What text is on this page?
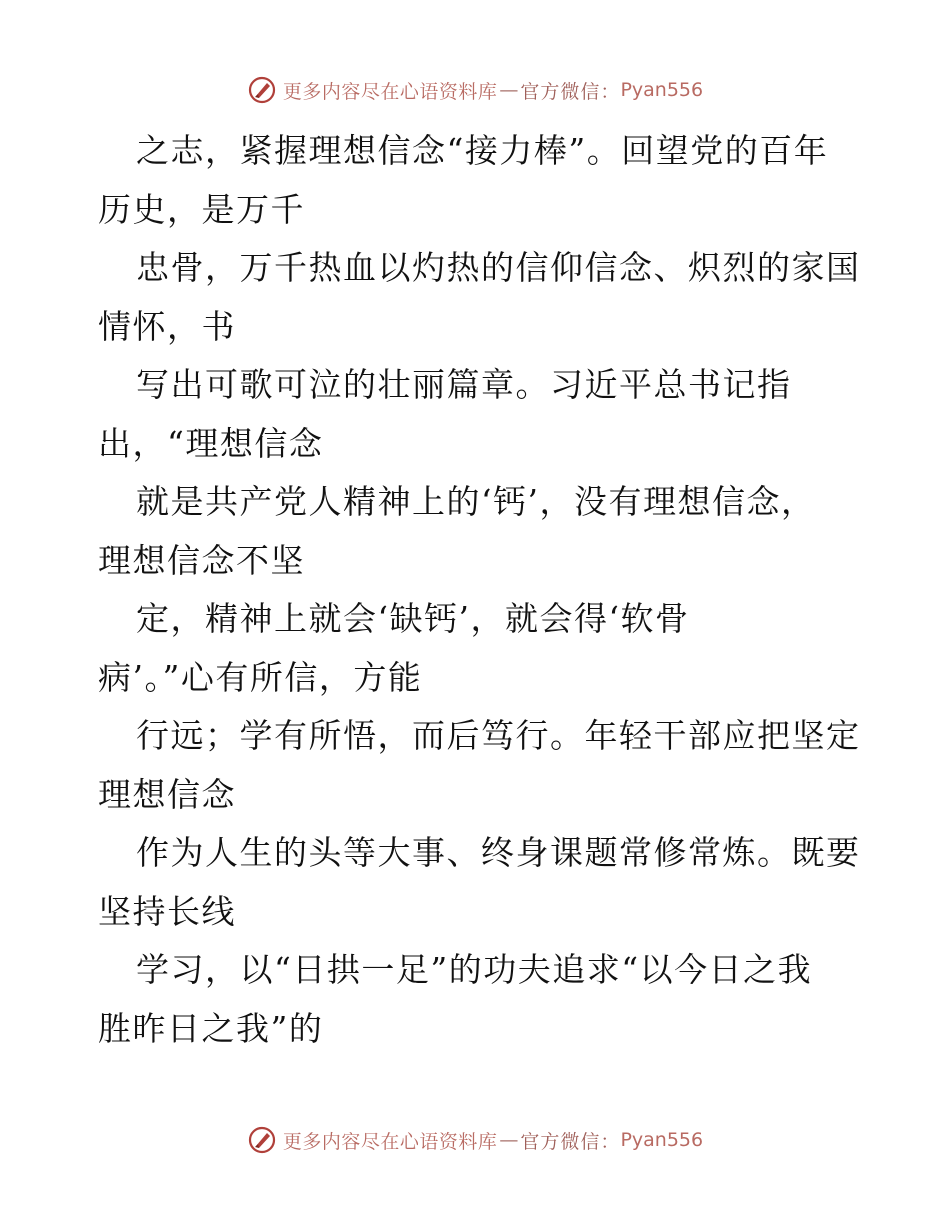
更多内容尽在心语资料库 — 官方微信： Pyan556

之志，紧握理想信念“接力棒”。回望党的百年
历史，是万千

忠骨，万千热血以灼热的信仰信念、炽烈的家国
情怀，书

写出可歌可泣的壮丽篇章。习近平总书记指
出，“理想信念

就是共产党人精神上的‘钙’，没有理想信念，
理想信念不坚

定，精神上就会‘缺钙’，就会得‘软骨
病’。”心有所信，方能

行远；学有所悟，而后笃行。年轻干部应把坚定
理想信念

作为人生的头等大事、终身课题常修常炼。既要
坚持长线

学习，以“日拱一足”的功夫追求“以今日之我
胜昨日之我”的

更多内容尽在心语资料库 — 官方微信： Pyan556
